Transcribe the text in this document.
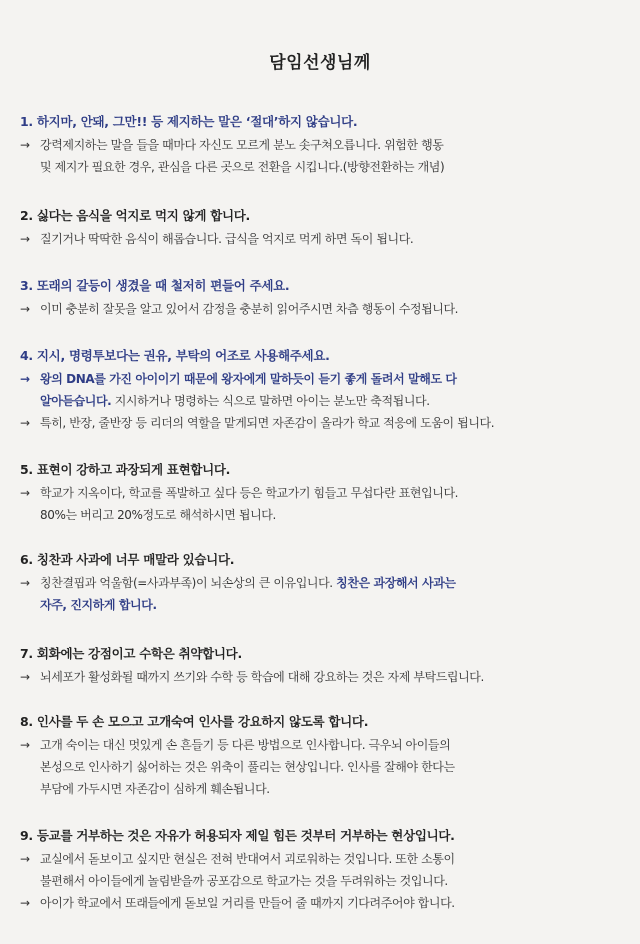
담임선생님께
1. 하지마, 안돼, 그만!! 등 제지하는 말은 ‘절대’하지 않습니다.
→ 강력제지하는 말을 들을 때마다 자신도 모르게 분노 솟구쳐오릅니다. 위험한 행동
및 제지가 필요한 경우, 관심을 다른 곳으로 전환을 시킵니다.(방향전환하는 개념)
2. 싫다는 음식을 억지로 먹지 않게 합니다.
→ 질기거나 딱딱한 음식이 해롭습니다. 급식을 억지로 먹게 하면 독이 됩니다.
3. 또래의 갈등이 생겼을 때 철저히 편들어 주세요.
→ 이미 충분히 잘못을 알고 있어서 감정을 충분히 읽어주시면 차츰 행동이 수정됩니다.
4. 지시, 명령투보다는 권유, 부탁의 어조로 사용해주세요.
→ 왕의 DNA를 가진 아이이기 때문에 왕자에게 말하듯이 듣기 좋게 돌려서 말해도 다
알아듣습니다. 지시하거나 명령하는 식으로 말하면 아이는 분노만 축적됩니다.
→ 특히, 반장, 줄반장 등 리더의 역할을 맡게되면 자존감이 올라가 학교 적응에 도움이 됩니다.
5. 표현이 강하고 과장되게 표현합니다.
→ 학교가 지옥이다, 학교를 폭발하고 싶다 등은 학교가기 힘들고 무섭다란 표현입니다.
80%는 버리고 20%정도로 해석하시면 됩니다.
6. 칭찬과 사과에 너무 매말라 있습니다.
→ 칭찬결핍과 억울함(=사과부족)이 뇌손상의 큰 이유입니다. 칭찬은 과장해서 사과는
자주, 진지하게 합니다.
7. 회화에는 강점이고 수학은 취약합니다.
→ 뇌세포가 활성화될 때까지 쓰기와 수학 등 학습에 대해 강요하는 것은 자제 부탁드립니다.
8. 인사를 두 손 모으고 고개숙여 인사를 강요하지 않도록 합니다.
→ 고개 숙이는 대신 멋있게 손 흔들기 등 다른 방법으로 인사합니다. 극우뇌 아이들의
본성으로 인사하기 싫어하는 것은 위축이 풀리는 현상입니다. 인사를 잘해야 한다는
부담에 가두시면 자존감이 심하게 훼손됩니다.
9. 등교를 거부하는 것은 자유가 허용되자 제일 힘든 것부터 거부하는 현상입니다.
→ 교실에서 돋보이고 싶지만 현실은 전혀 반대여서 괴로워하는 것입니다. 또한 소통이
불편해서 아이들에게 놀림받을까 공포감으로 학교가는 것을 두려워하는 것입니다.
→ 아이가 학교에서 또래들에게 돋보일 거리를 만들어 줄 때까지 기다려주어야 합니다.
